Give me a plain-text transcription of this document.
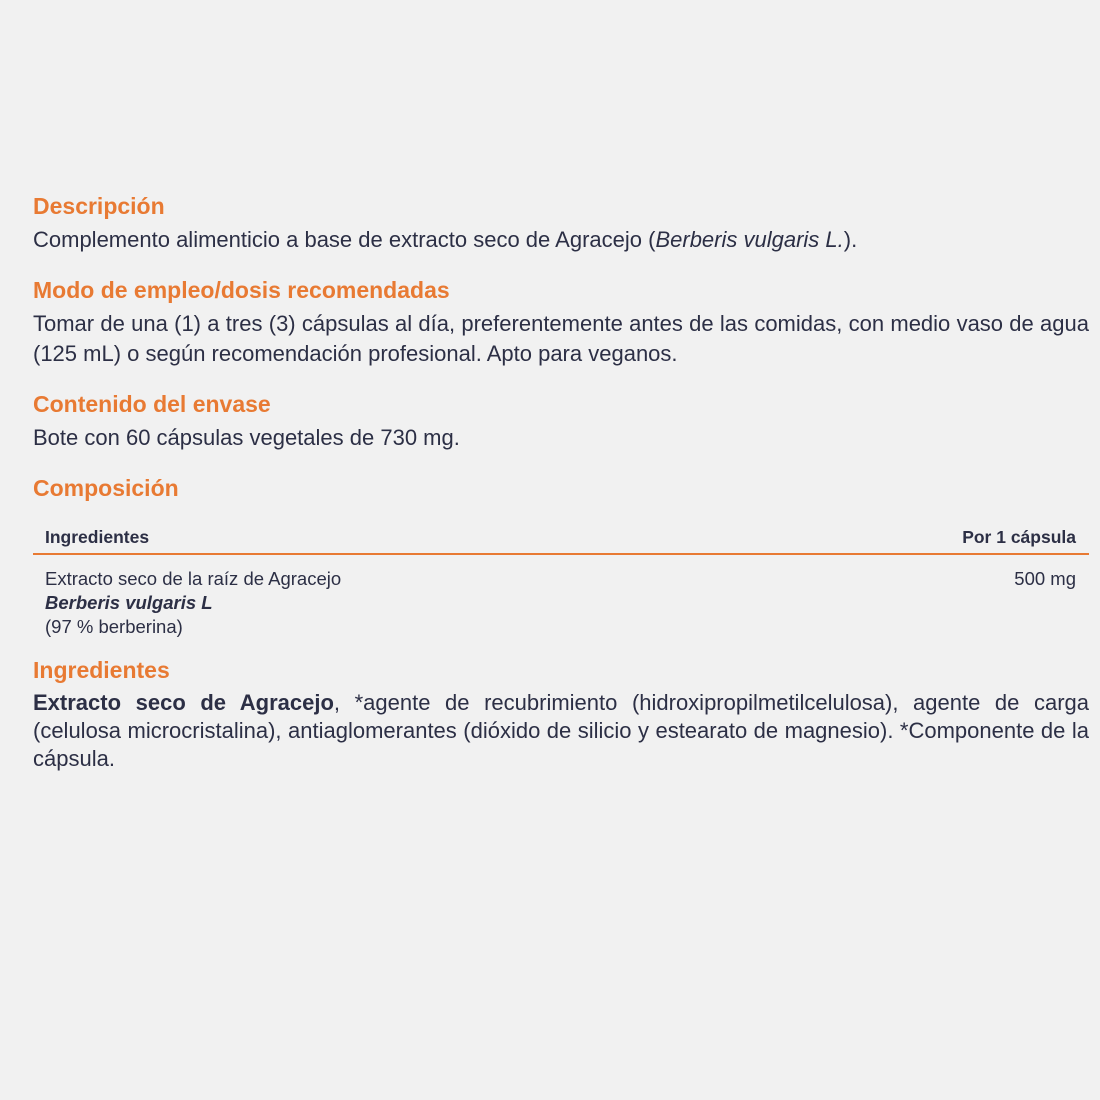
Descripción

Complemento alimenticio a base de extracto seco de Agracejo (Berberis vulgaris L.).

Modo de empleo/dosis recomendadas

Tomar de una (1) a tres (3) cápsulas al día, preferentemente antes de las comidas, con medio vaso de agua (125 mL) o según recomendación profesional. Apto para veganos.

Contenido del envase

Bote con 60 cápsulas vegetales de 730 mg.

Composición
Ingredientes	Por 1 cápsula
Extracto seco de la raíz de Agracejo
Berberis vulgaris L
(97 % berberina)
500 mg
Ingredientes

Extracto seco de Agracejo, *agente de recubrimiento (hidroxipropilmetilcelulosa), agente de carga (celulosa microcristalina), antiaglomerantes (dióxido de silicio y estearato de magnesio). *Componente de la cápsula.
